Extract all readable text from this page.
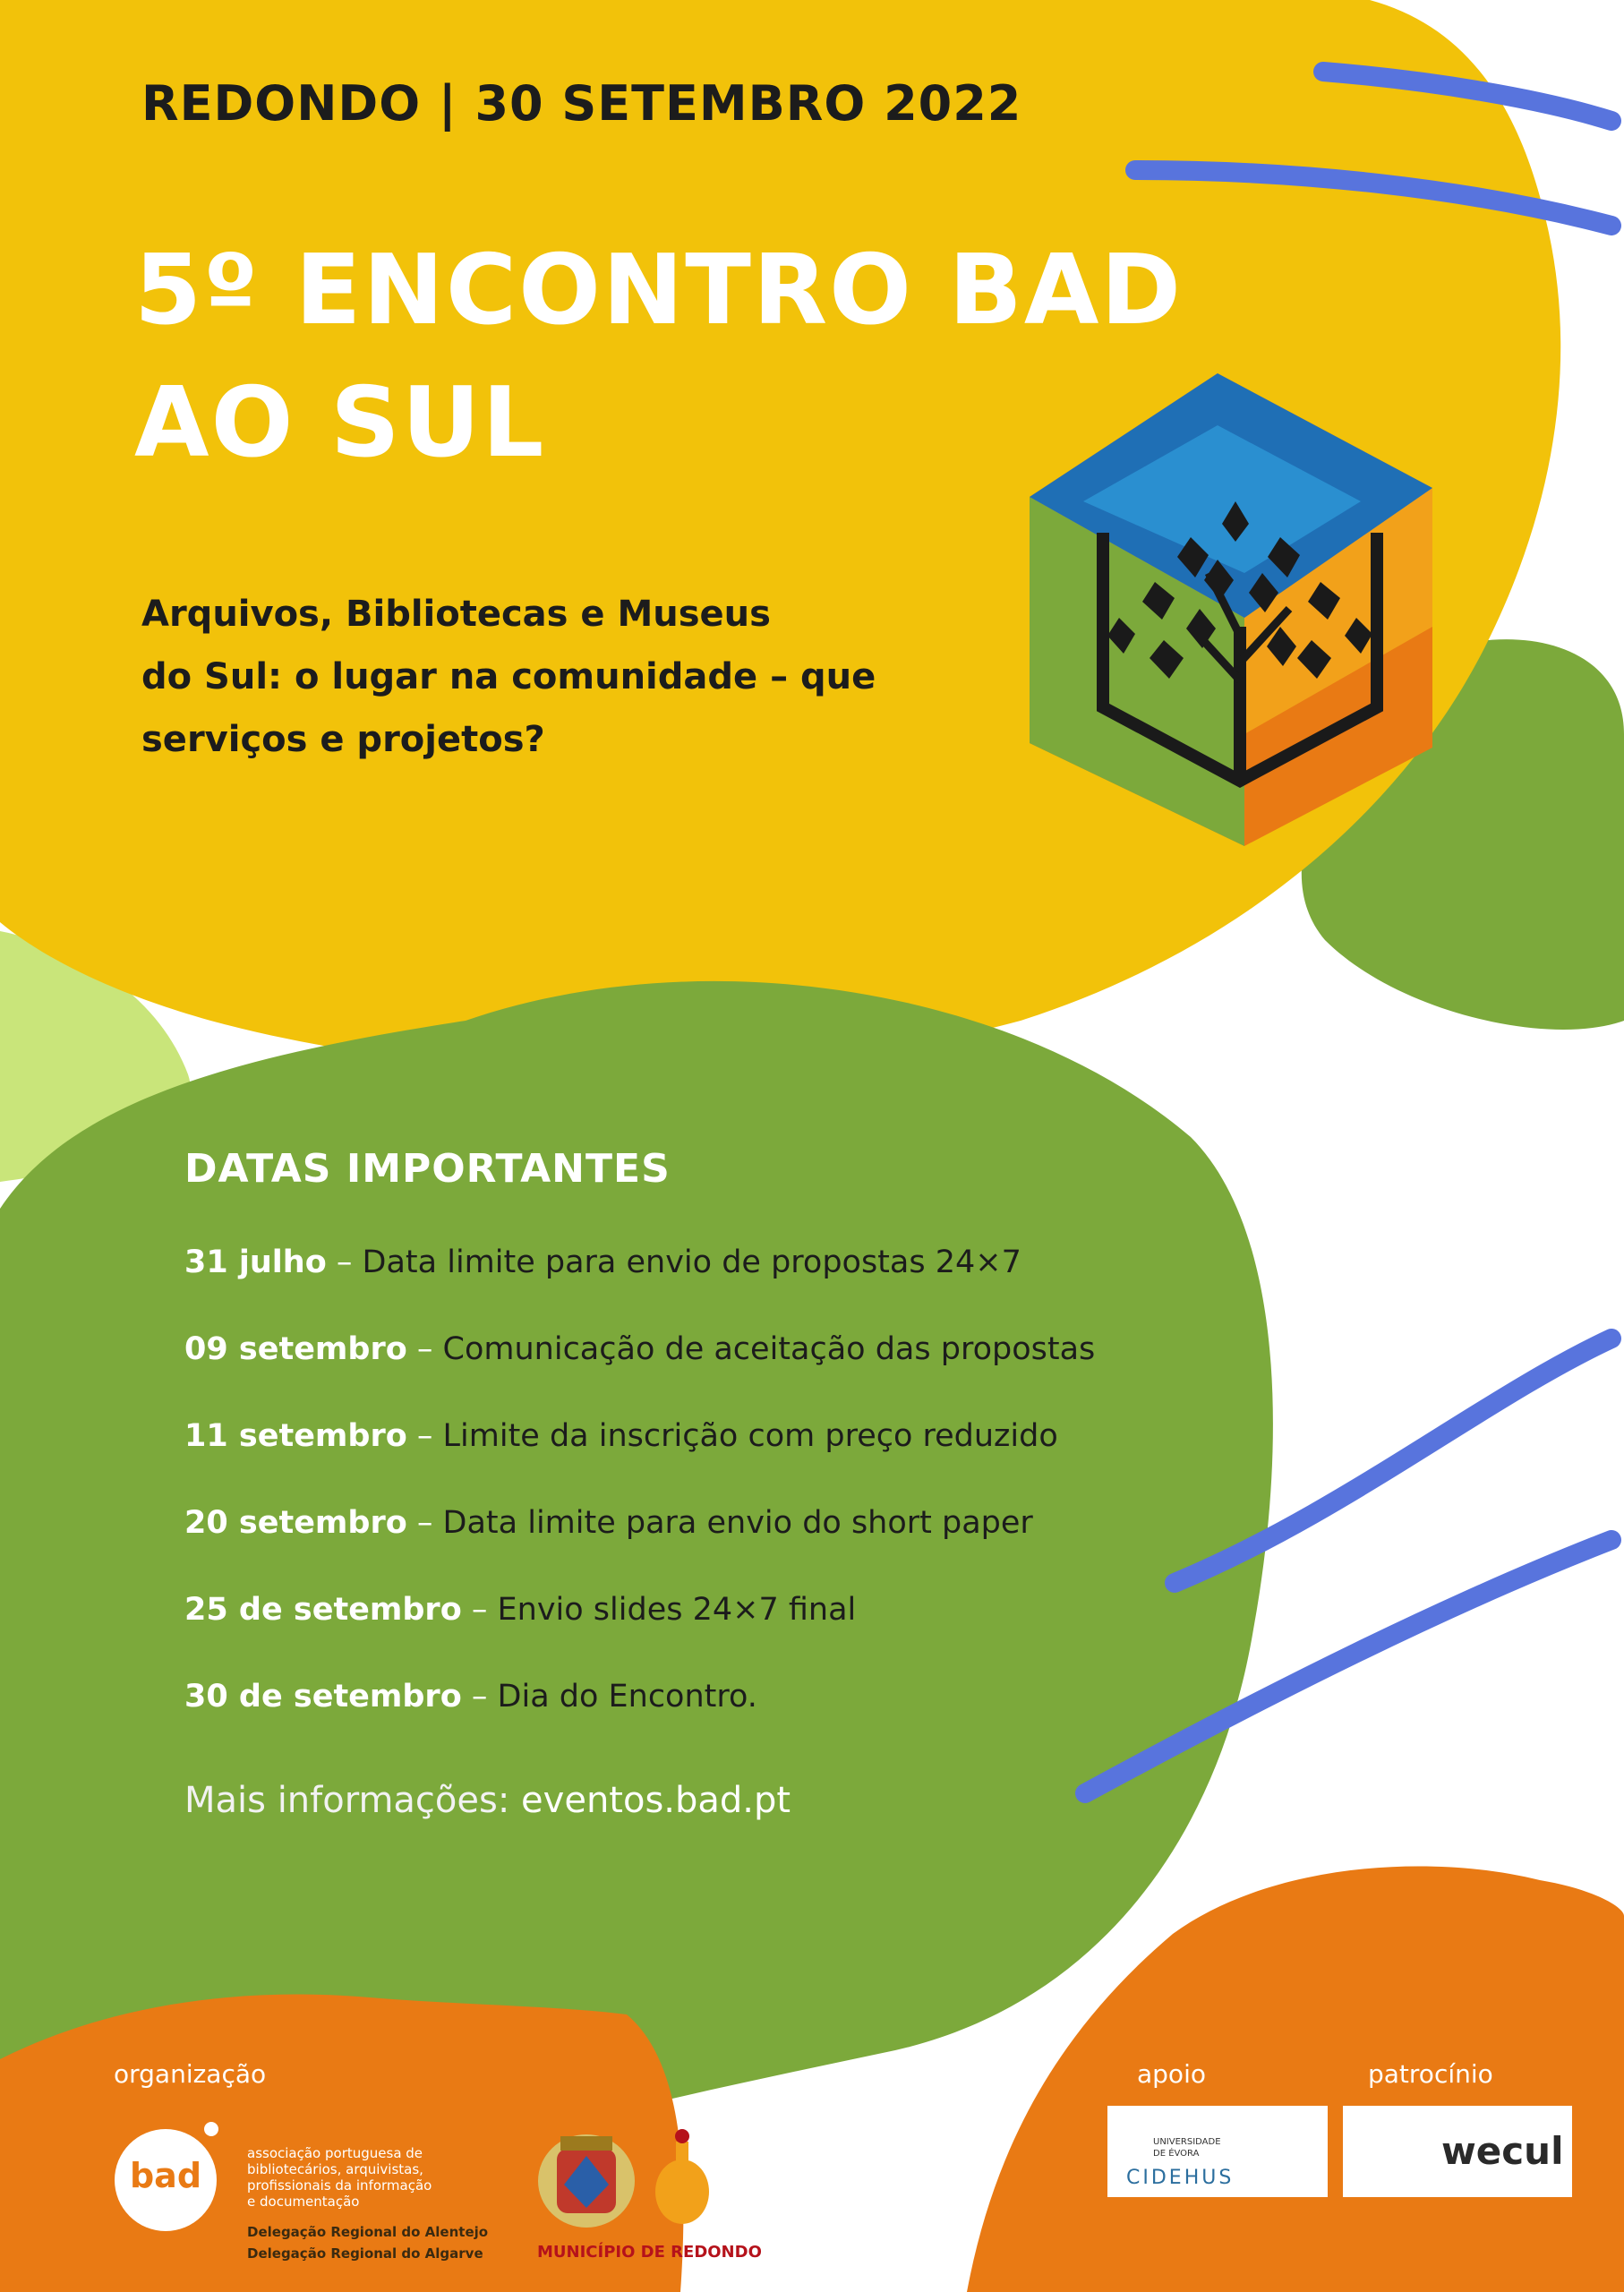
REDONDO | 30 SETEMBRO 2022

5º ENCONTRO BAD

AO SUL

Arquivos, Bibliotecas e Museus

do Sul: o lugar na comunidade – que

serviços e projetos?

DATAS IMPORTANTES

31 julho – Data limite para envio de propostas 24×7

09 setembro – Comunicação de aceitação das propostas

11 setembro – Limite da inscrição com preço reduzido

20 setembro – Data limite para envio do short paper

25 de setembro – Envio slides 24×7 final

30 de setembro – Dia do Encontro.

Mais informações: eventos.bad.pt

organização	apoio	patrocínio

bad

associação portuguesa de

bibliotecários, arquivistas,

profissionais da informação

e documentação

Delegação Regional do Alentejo

Delegação Regional do Algarve	MUNICÍPIO DE REDONDO

UNIVERSIDADE

DE ÉVORA

CIDEHUS

wecul
